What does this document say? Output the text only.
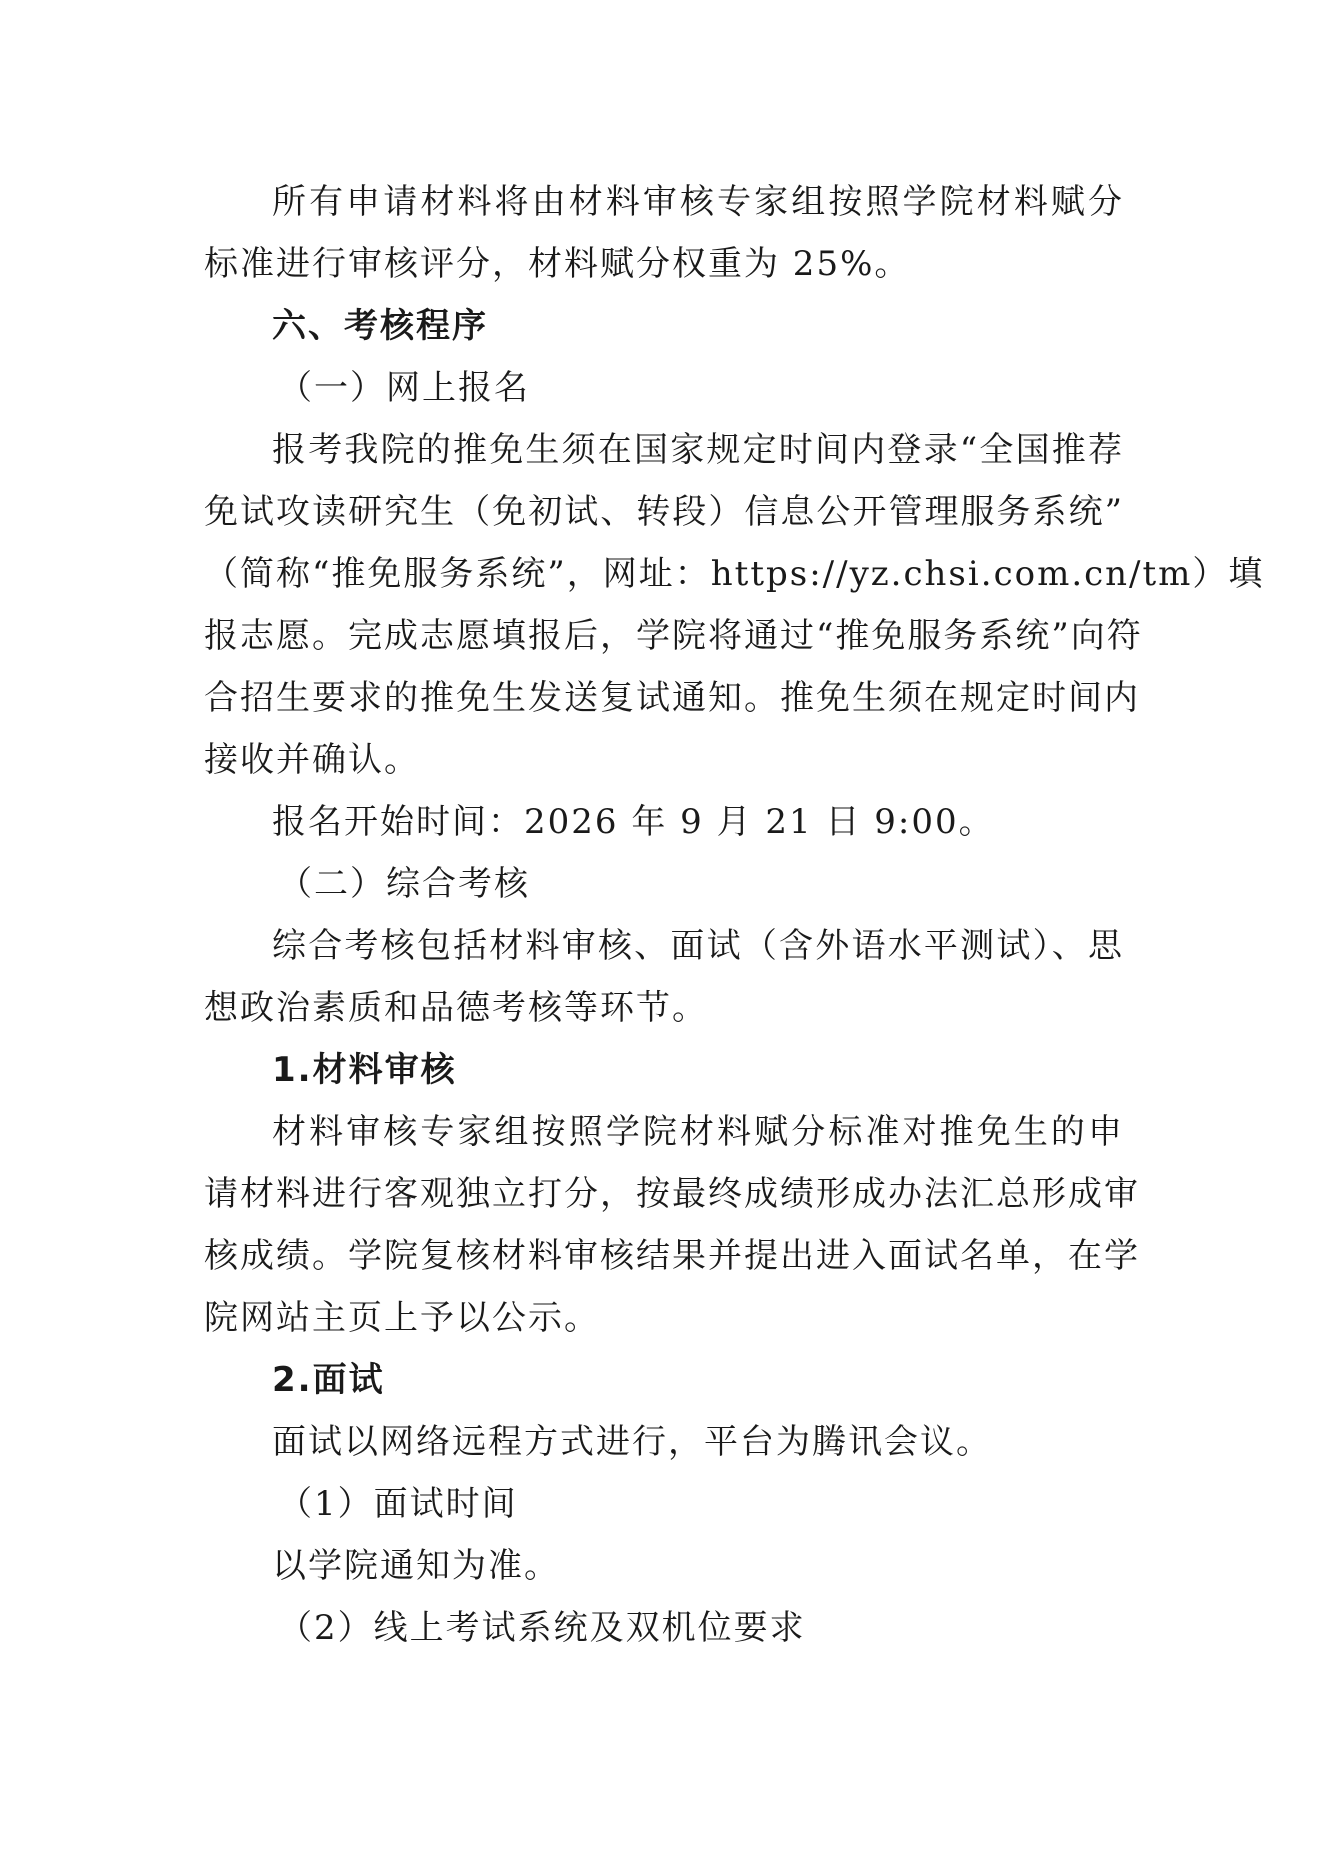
所有申请材料将由材料审核专家组按照学院材料赋分
标准进行审核评分，材料赋分权重为 25%。
六、考核程序
（一）网上报名
报考我院的推免生须在国家规定时间内登录“全国推荐
免试攻读研究生（免初试、转段）信息公开管理服务系统”
（简称“推免服务系统”，网址：https://yz.chsi.com.cn/tm）填
报志愿。完成志愿填报后，学院将通过“推免服务系统”向符
合招生要求的推免生发送复试通知。推免生须在规定时间内
接收并确认。
报名开始时间：2026 年 9 月 21 日 9:00。
（二）综合考核
综合考核包括材料审核、面试（含外语水平测试）、思
想政治素质和品德考核等环节。
1.材料审核
材料审核专家组按照学院材料赋分标准对推免生的申
请材料进行客观独立打分，按最终成绩形成办法汇总形成审
核成绩。学院复核材料审核结果并提出进入面试名单，在学
院网站主页上予以公示。
2.面试
面试以网络远程方式进行，平台为腾讯会议。
（1）面试时间
以学院通知为准。
（2）线上考试系统及双机位要求
